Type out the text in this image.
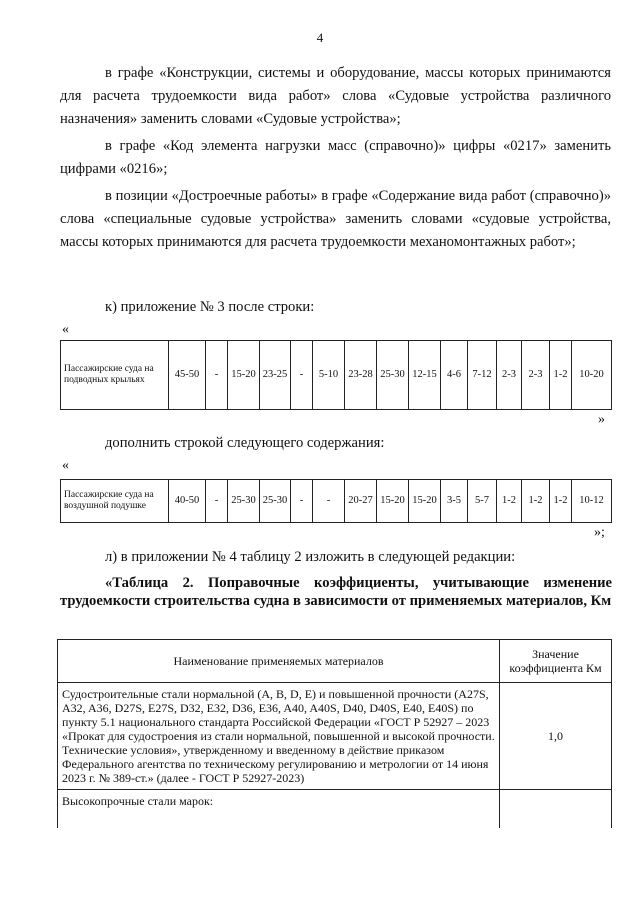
4
в графе «Конструкции, системы и оборудование, массы которых принимаются для расчета трудоемкости вида работ» слова «Судовые устройства различного назначения» заменить словами «Судовые устройства»;
в графе «Код элемента нагрузки масс (справочно)» цифры «0217» заменить цифрами «0216»;
в позиции «Достроечные работы» в графе «Содержание вида работ (справочно)» слова «специальные судовые устройства» заменить словами «судовые устройства, массы которых принимаются для расчета трудоемкости механомонтажных работ»;
к) приложение № 3 после строки:
«
Пассажирские суда на подводных крыльях	45-50	-	15-20	23-25	-	5-10	23-28	25-30	12-15	4-6	7-12	2-3	2-3	1-2	10-20
»
дополнить строкой следующего содержания:
«
Пассажирские суда на воздушной подушке	40-50	-	25-30	25-30	-	-	20-27	15-20	15-20	3-5	5-7	1-2	1-2	1-2	10-12
»;
л) в приложении № 4 таблицу 2 изложить в следующей редакции:
«Таблица 2. Поправочные коэффициенты, учитывающие изменение трудоемкости строительства судна в зависимости от применяемых материалов, Км
Наименование применяемых материалов	Значение коэффициента Км
Судостроительные стали нормальной (A, B, D, E) и повышенной прочности (A27S, A32, A36, D27S, E27S, D32, E32, D36, E36, A40, A40S, D40, D40S, E40, E40S) по пункту 5.1 национального стандарта Российской Федерации «ГОСТ Р 52927 – 2023 «Прокат для судостроения из стали нормальной, повышенной и высокой прочности. Технические условия», утвержденному и введенному в действие приказом Федерального агентства по техническому регулированию и метрологии от 14 июня 2023 г. № 389-ст.» (далее - ГОСТ Р 52927-2023)	1,0
Высокопрочные стали марок:	
